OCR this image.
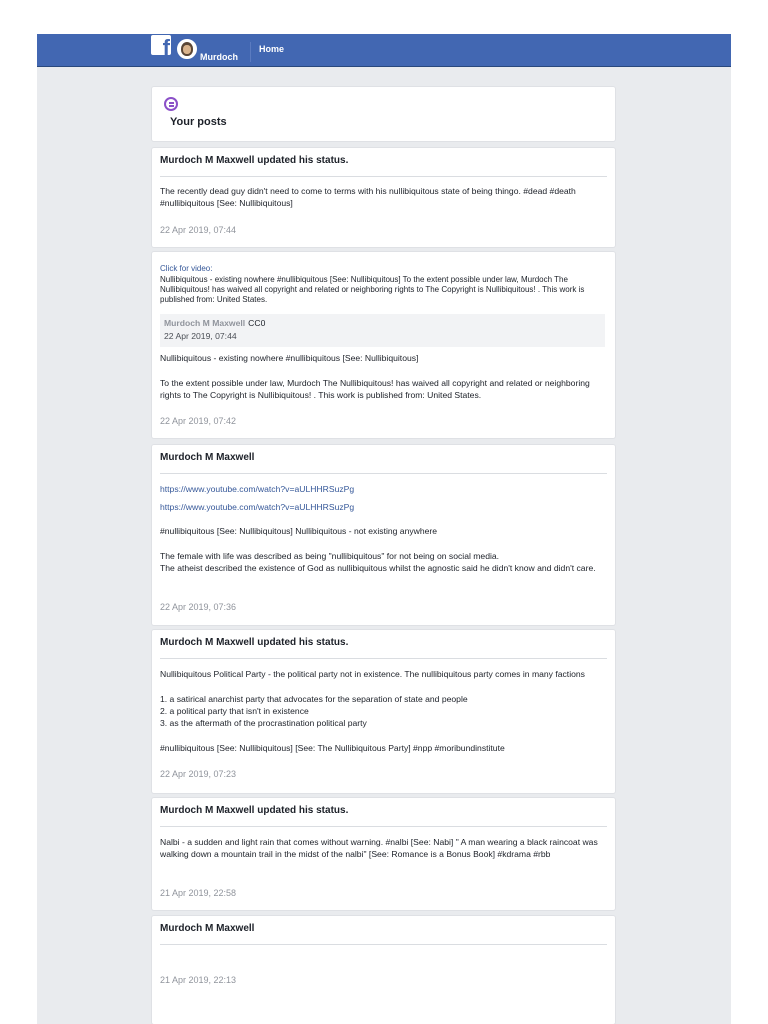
f	Murdoch
Home
Your posts
Murdoch M Maxwell updated his status.
The recently dead guy didn't need to come to terms with his nullibiquitous state of being thingo. #dead #death #nullibiquitous [See: Nullibiquitous]
22 Apr 2019, 07:44
Click for video:
Nullibiquitous - existing nowhere #nullibiquitous [See: Nullibiquitous] To the extent possible under law, Murdoch The Nullibiquitous! has waived all copyright and related or neighboring rights to The Copyright is Nullibiquitous! . This work is published from: United States.
Murdoch M Maxwell CC0
22 Apr 2019, 07:44
Nullibiquitous - existing nowhere #nullibiquitous [See: Nullibiquitous]
To the extent possible under law, Murdoch The Nullibiquitous! has waived all copyright and related or neighboring rights to The Copyright is Nullibiquitous! . This work is published from: United States.
22 Apr 2019, 07:42
Murdoch M Maxwell
https://www.youtube.com/watch?v=aULHHRSuzPg
https://www.youtube.com/watch?v=aULHHRSuzPg
#nullibiquitous [See: Nullibiquitous] Nullibiquitous - not existing anywhere
The female with life was described as being "nullibiquitous" for not being on social media.
The atheist described the existence of God as nullibiquitous whilst the agnostic said he didn't know and didn't care.
22 Apr 2019, 07:36
Murdoch M Maxwell updated his status.
Nullibiquitous Political Party - the political party not in existence. The nullibiquitous party comes in many factions
1. a satirical anarchist party that advocates for the separation of state and people
2. a political party that isn't in existence
3. as the aftermath of the procrastination political party
#nullibiquitous [See: Nullibiquitous] [See: The Nullibiquitous Party] #npp #moribundinstitute
22 Apr 2019, 07:23
Murdoch M Maxwell updated his status.
Nalbi - a sudden and light rain that comes without warning. #nalbi [See: Nabi] " A man wearing a black raincoat was walking down a mountain trail in the midst of the nalbi" [See: Romance is a Bonus Book] #kdrama #rbb
21 Apr 2019, 22:58
Murdoch M Maxwell
21 Apr 2019, 22:13
